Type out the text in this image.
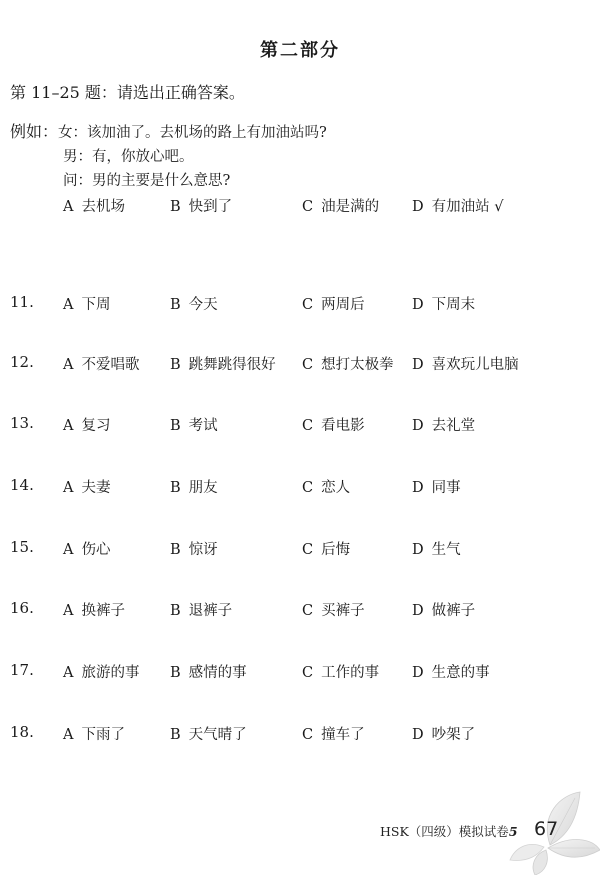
第二部分
第 11–25 题：请选出正确答案。
例如：女：该加油了。去机场的路上有加油站吗?
男：有，你放心吧。
问：男的主要是什么意思?
A 去机场	B 快到了	C 油是满的 D 有加油站 √
11. A 下周	B 今天	C 两周后	D 下周末
12. A 不爱唱歌 B 跳舞跳得很好 C 想打太极拳 D 喜欢玩儿电脑
13. A 复习	B 考试	C 看电影	D 去礼堂
14. A 夫妻	B 朋友	C 恋人	D 同事
15. A 伤心	B 惊讶	C 后悔	D 生气
16. A 换裤子	B 退裤子	C 买裤子	D 做裤子
17. A 旅游的事 B 感情的事	C 工作的事 D 生意的事
18. A 下雨了	B 天气晴了	C 撞车了	D 吵架了
HSK（四级）模拟试卷5 67
